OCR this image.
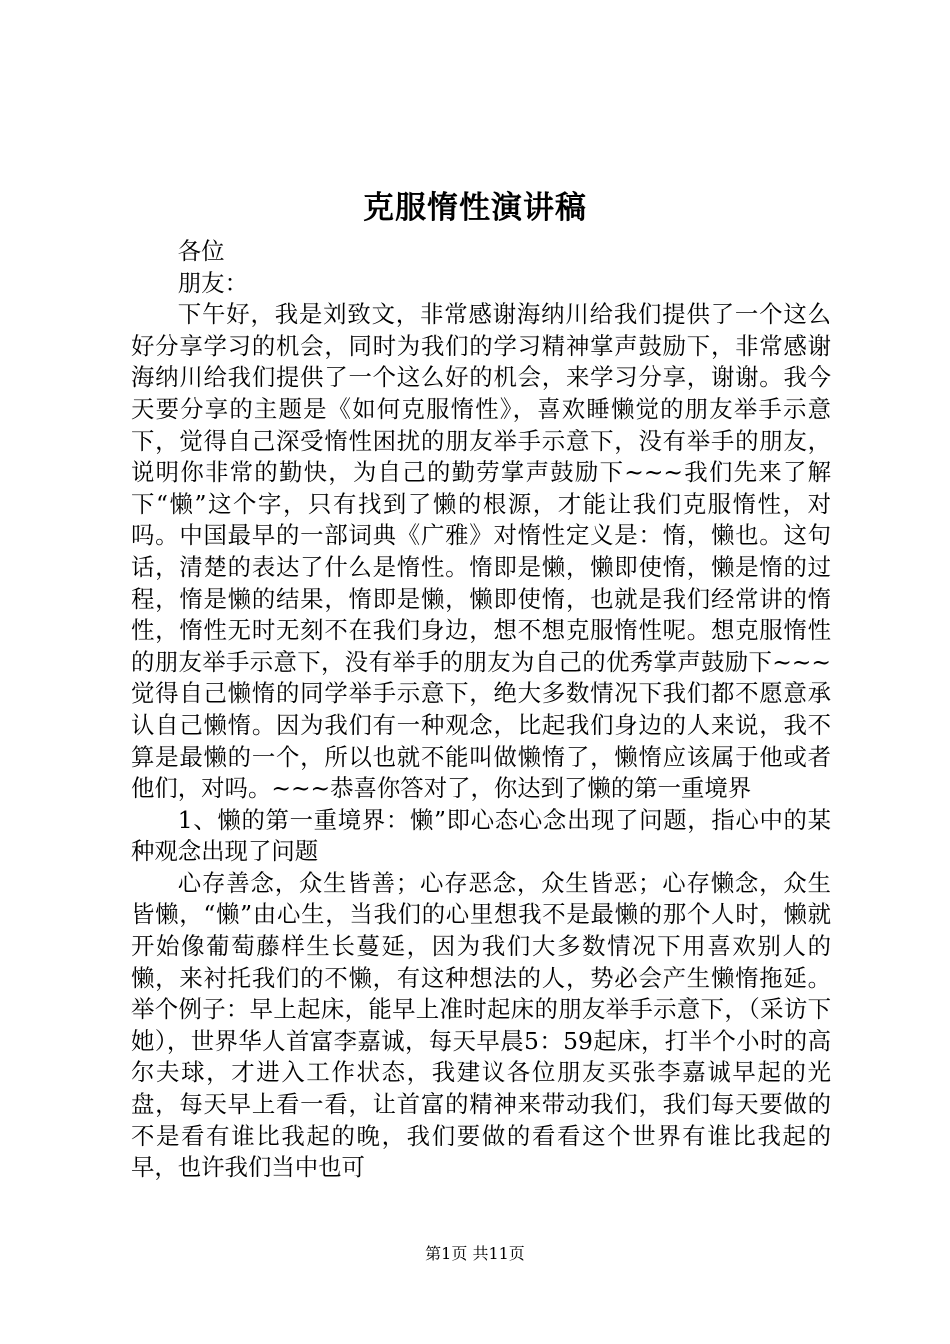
克服惰性演讲稿

各位

朋友：

下午好，我是刘致文，非常感谢海纳川给我们提供了一个这么好分享学习的机会，同时为我们的学习精神掌声鼓励下，非常感谢海纳川给我们提供了一个这么好的机会，来学习分享，谢谢。我今天要分享的主题是《如何克服惰性》，喜欢睡懒觉的朋友举手示意下，觉得自己深受惰性困扰的朋友举手示意下，没有举手的朋友，说明你非常的勤快，为自己的勤劳掌声鼓励下~~~我们先来了解下“懒”这个字，只有找到了懒的根源，才能让我们克服惰性，对吗。中国最早的一部词典《广雅》对惰性定义是：惰，懒也。这句话，清楚的表达了什么是惰性。惰即是懒，懒即使惰，懒是惰的过程，惰是懒的结果，惰即是懒，懒即使惰，也就是我们经常讲的惰性，惰性无时无刻不在我们身边，想不想克服惰性呢。想克服惰性的朋友举手示意下，没有举手的朋友为自己的优秀掌声鼓励下~~~觉得自己懒惰的同学举手示意下，绝大多数情况下我们都不愿意承认自己懒惰。因为我们有一种观念，比起我们身边的人来说，我不算是最懒的一个，所以也就不能叫做懒惰了，懒惰应该属于他或者他们，对吗。~~~恭喜你答对了，你达到了懒的第一重境界

1、懒的第一重境界：懒”即心态心念出现了问题，指心中的某种观念出现了问题

心存善念，众生皆善；心存恶念，众生皆恶；心存懒念，众生皆懒，“懒”由心生，当我们的心里想我不是最懒的那个人时，懒就开始像葡萄藤样生长蔓延，因为我们大多数情况下用喜欢别人的懒，来衬托我们的不懒，有这种想法的人，势必会产生懒惰拖延。举个例子：早上起床，能早上准时起床的朋友举手示意下，（采访下她），世界华人首富李嘉诚，每天早晨5：59起床，打半个小时的高尔夫球，才进入工作状态，我建议各位朋友买张李嘉诚早起的光盘，每天早上看一看，让首富的精神来带动我们，我们每天要做的不是看有谁比我起的晚，我们要做的看看这个世界有谁比我起的早，也许我们当中也可

第1页 共11页
